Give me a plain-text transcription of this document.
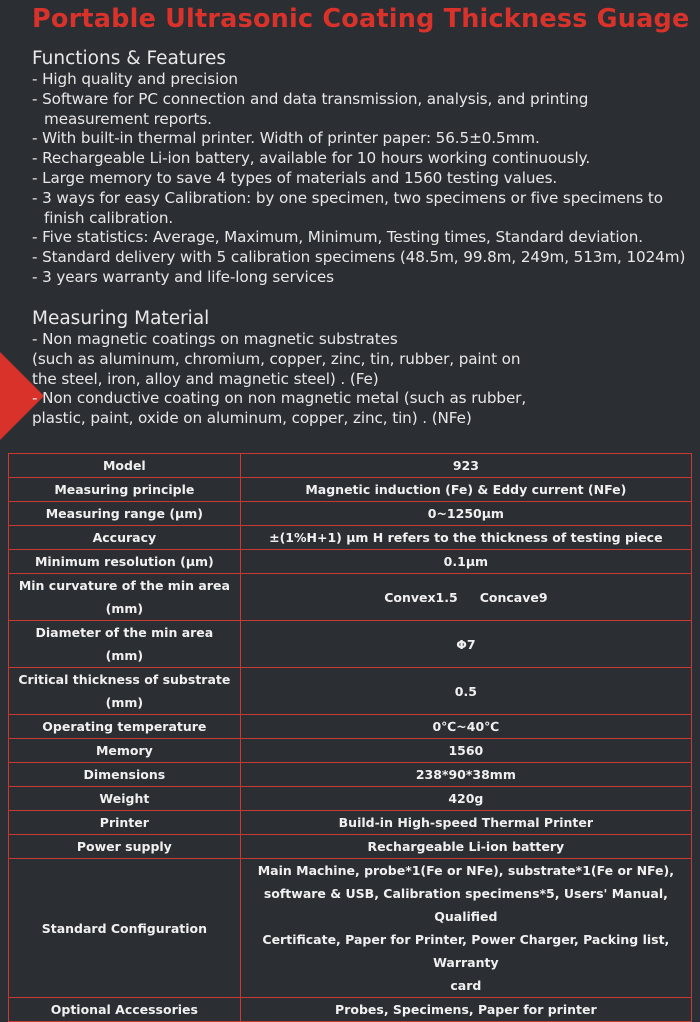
Portable Ultrasonic Coating Thickness Guage
Functions & Features
- High quality and precision
- Software for PC connection and data transmission, analysis, and printing
measurement reports.
- With built-in thermal printer. Width of printer paper: 56.5±0.5mm.
- Rechargeable Li-ion battery, available for 10 hours working continuously.
- Large memory to save 4 types of materials and 1560 testing values.
- 3 ways for easy Calibration: by one specimen, two specimens or five specimens to
finish calibration.
- Five statistics: Average, Maximum, Minimum, Testing times, Standard deviation.
- Standard delivery with 5 calibration specimens (48.5m, 99.8m, 249m, 513m, 1024m)
- 3 years warranty and life-long services
Measuring Material
- Non magnetic coatings on magnetic substrates
(such as aluminum, chromium, copper, zinc, tin, rubber, paint on
the steel, iron, alloy and magnetic steel) . (Fe)
- Non conductive coating on non magnetic metal (such as rubber,
plastic, paint, oxide on aluminum, copper, zinc, tin) . (NFe)
Model	923
Measuring principle	Magnetic induction (Fe) & Eddy current (NFe)
Measuring range (μm)	0~1250μm
Accuracy	±(1%H+1) μm H refers to the thickness of testing piece
Minimum resolution (μm)	0.1μm
Min curvature of the min area
(mm)	Convex1.5 Concave9
Diameter of the min area (mm)	Φ7
Critical thickness of substrate
(mm)	0.5
Operating temperature	0℃~40℃
Memory	1560
Dimensions	238*90*38mm
Weight	420g
Printer	Build-in High-speed Thermal Printer
Power supply	Rechargeable Li-ion battery
Standard Configuration	Main Machine, probe*1(Fe or NFe), substrate*1(Fe or NFe),
software & USB, Calibration specimens*5, Users' Manual, Qualified
Certificate, Paper for Printer, Power Charger, Packing list, Warranty
card
Optional Accessories	Probes, Specimens, Paper for printer
